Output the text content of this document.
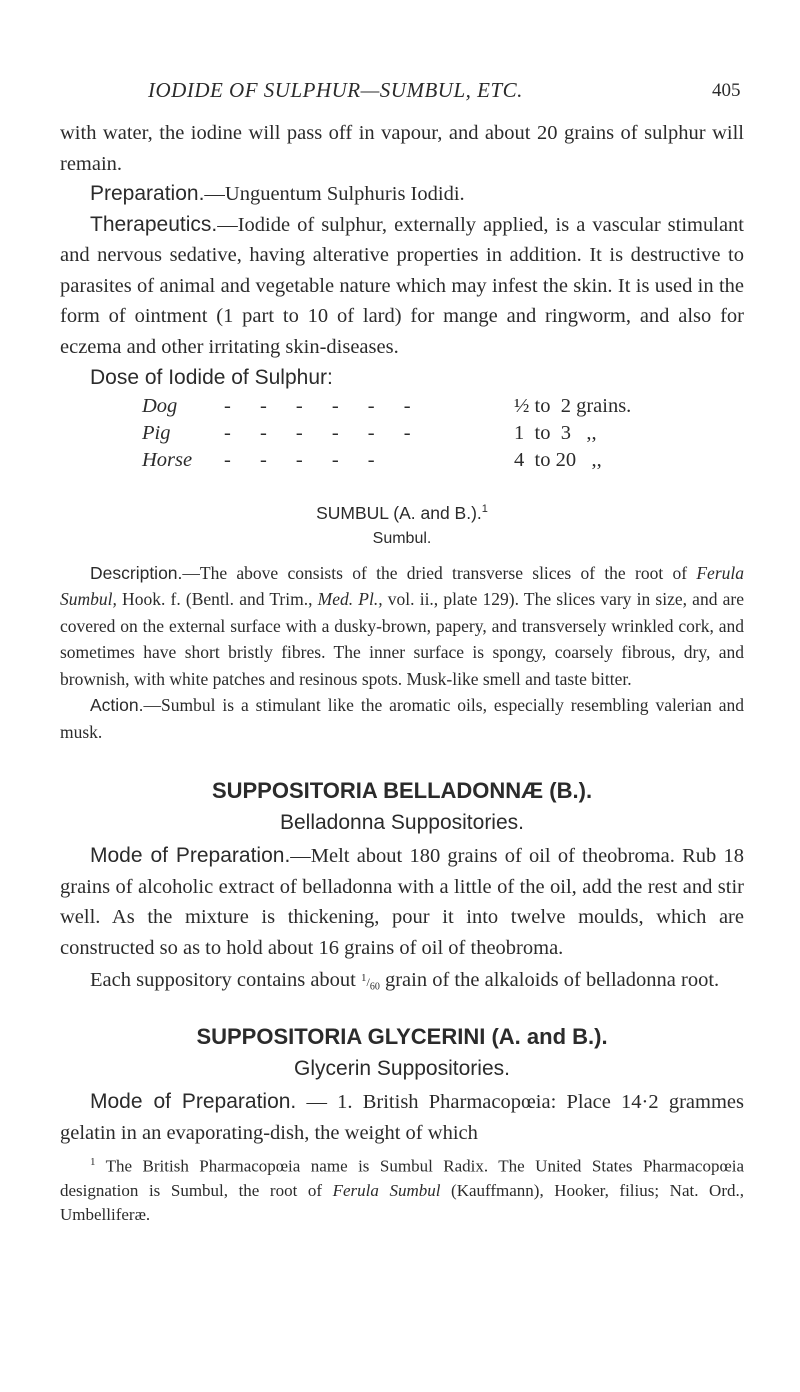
IODIDE OF SULPHUR—SUMBUL, ETC.	405

with water, the iodine will pass off in vapour, and about 20 grains of sulphur will remain.

Preparation.—Unguentum Sulphuris Iodidi.

Therapeutics.—Iodide of sulphur, externally applied, is a vascular stimulant and nervous sedative, having alterative properties in addition. It is destructive to parasites of animal and vegetable nature which may infest the skin. It is used in the form of ointment (1 part to 10 of lard) for mange and ringworm, and also for eczema and other irritating skin-diseases.

Dose of Iodide of Sulphur:

Dog - - - - - -	½ to  2 grains.
Pig	- - - - - -	1  to  3   ,,
Horse - - - - -	4  to 20   ,,

SUMBUL (A. and B.).$^1$

Sumbul.

Description.—The above consists of the dried transverse slices of the root of Ferula Sumbul, Hook. f. (Bentl. and Trim., Med. Pl., vol. ii., plate 129). The slices vary in size, and are covered on the external surface with a dusky-brown, papery, and transversely wrinkled cork, and sometimes have short bristly fibres. The inner surface is spongy, coarsely fibrous, dry, and brownish, with white patches and resinous spots. Musk-like smell and taste bitter.

Action.—Sumbul is a stimulant like the aromatic oils, especially resembling valerian and musk.

SUPPOSITORIA BELLADONNÆ (B.).

Belladonna Suppositories.

Mode of Preparation.—Melt about 180 grains of oil of theobroma. Rub 18 grains of alcoholic extract of belladonna with a little of the oil, add the rest and stir well. As the mixture is thickening, pour it into twelve moulds, which are constructed so as to hold about 16 grains of oil of theobroma.

Each suppository contains about $^1/_{60}$ grain of the alkaloids of belladonna root.

SUPPOSITORIA GLYCERINI (A. and B.).

Glycerin Suppositories.

Mode of Preparation. — 1. British Pharmacopœia: Place 14·2 grammes gelatin in an evaporating-dish, the weight of which

$^1$ The British Pharmacopœia name is Sumbul Radix. The United States Pharmacopœia designation is Sumbul, the root of Ferula Sumbul (Kauffmann), Hooker, filius; Nat. Ord., Umbelliferæ.
